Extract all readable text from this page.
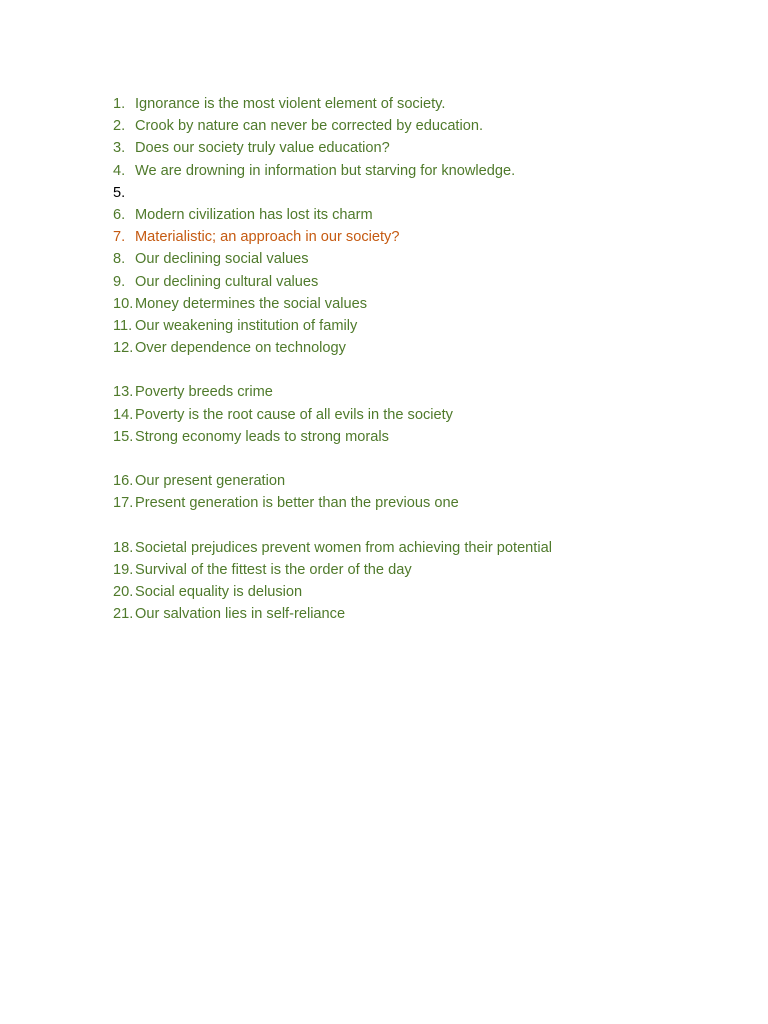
1. Ignorance is the most violent element of society.
2. Crook by nature can never be corrected by education.
3. Does our society truly value education?
4. We are drowning in information but starving for knowledge.
5.
6. Modern civilization has lost its charm
7. Materialistic; an approach in our society?
8. Our declining social values
9. Our declining cultural values
10. Money determines the social values
11. Our weakening institution of family
12. Over dependence on technology
13. Poverty breeds crime
14. Poverty is the root cause of all evils in the society
15. Strong economy leads to strong morals
16. Our present generation
17. Present generation is better than the previous one
18. Societal prejudices prevent women from achieving their potential
19. Survival of the fittest is the order of the day
20. Social equality is delusion
21. Our salvation lies in self-reliance
